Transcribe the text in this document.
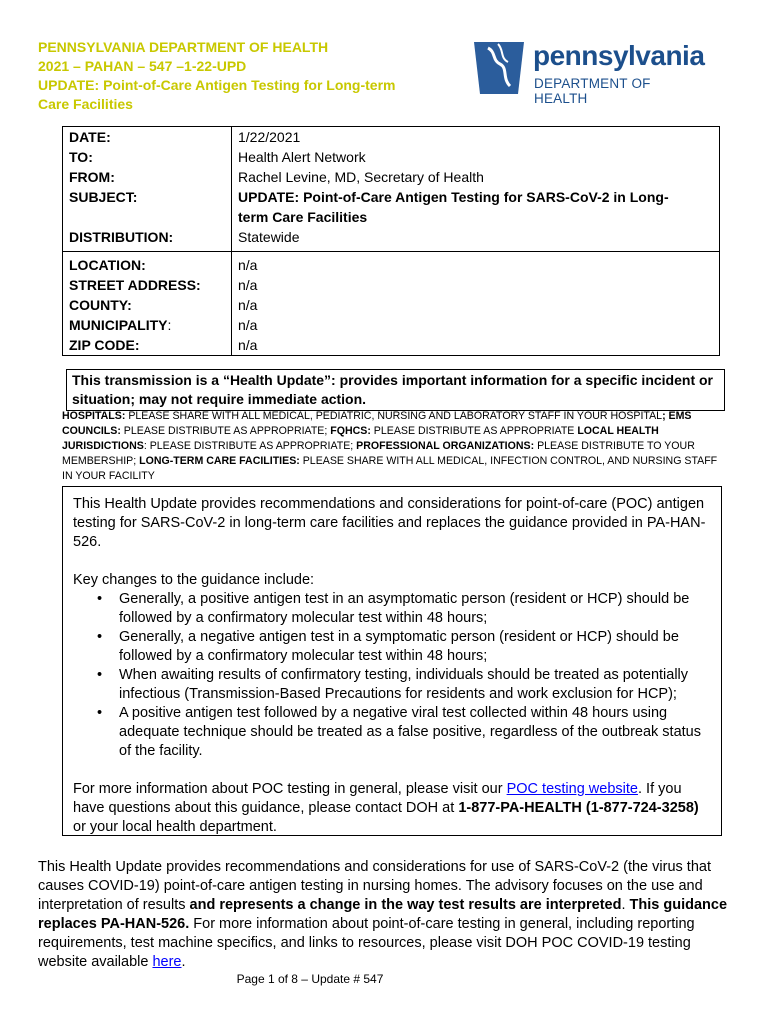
PENNSYLVANIA DEPARTMENT OF HEALTH
2021 – PAHAN – 547 –1-22-UPD
UPDATE: Point-of-Care Antigen Testing for Long-term
Care Facilities
pennsylvania
DEPARTMENT OF HEALTH
DATE:	1/22/2021
TO:	Health Alert Network
FROM:	Rachel Levine, MD, Secretary of Health
SUBJECT:	UPDATE: Point-of-Care Antigen Testing for SARS-CoV-2 in Long-
term Care Facilities

DISTRIBUTION:	Statewide
LOCATION:	n/a
STREET ADDRESS:	n/a
COUNTY:	n/a
MUNICIPALITY:	n/a
ZIP CODE:	n/a
This transmission is a “Health Update”: provides important information for a specific incident or
situation; may not require immediate action.
HOSPITALS: PLEASE SHARE WITH ALL MEDICAL, PEDIATRIC, NURSING AND LABORATORY STAFF IN YOUR HOSPITAL; EMS COUNCILS: PLEASE DISTRIBUTE AS APPROPRIATE; FQHCS: PLEASE DISTRIBUTE AS APPROPRIATE LOCAL HEALTH JURISDICTIONS: PLEASE DISTRIBUTE AS APPROPRIATE; PROFESSIONAL ORGANIZATIONS: PLEASE DISTRIBUTE TO YOUR MEMBERSHIP; LONG-TERM CARE FACILITIES: PLEASE SHARE WITH ALL MEDICAL, INFECTION CONTROL, AND NURSING STAFF IN YOUR FACILITY

This Health Update provides recommendations and considerations for point-of-care (POC) antigen testing for SARS-CoV-2 in long-term care facilities and replaces the guidance provided in PA-HAN-526.

Key changes to the guidance include:

• Generally, a positive antigen test in an asymptomatic person (resident or HCP) should be followed by a confirmatory molecular test within 48 hours;
• Generally, a negative antigen test in a symptomatic person (resident or HCP) should be followed by a confirmatory molecular test within 48 hours;
• When awaiting results of confirmatory testing, individuals should be treated as potentially infectious (Transmission-Based Precautions for residents and work exclusion for HCP);
• A positive antigen test followed by a negative viral test collected within 48 hours using adequate technique should be treated as a false positive, regardless of the outbreak status of the facility.

For more information about POC testing in general, please visit our POC testing website. If you have questions about this guidance, please contact DOH at 1-877-PA-HEALTH (1-877-724-3258) or your local health department.

This Health Update provides recommendations and considerations for use of SARS-CoV-2 (the virus that causes COVID-19) point-of-care antigen testing in nursing homes. The advisory focuses on the use and interpretation of results and represents a change in the way test results are interpreted. This guidance replaces PA-HAN-526. For more information about point-of-care testing in general, including reporting requirements, test machine specifics, and links to resources, please visit DOH POC COVID-19 testing website available here.

Page 1 of 8 – Update # 547
